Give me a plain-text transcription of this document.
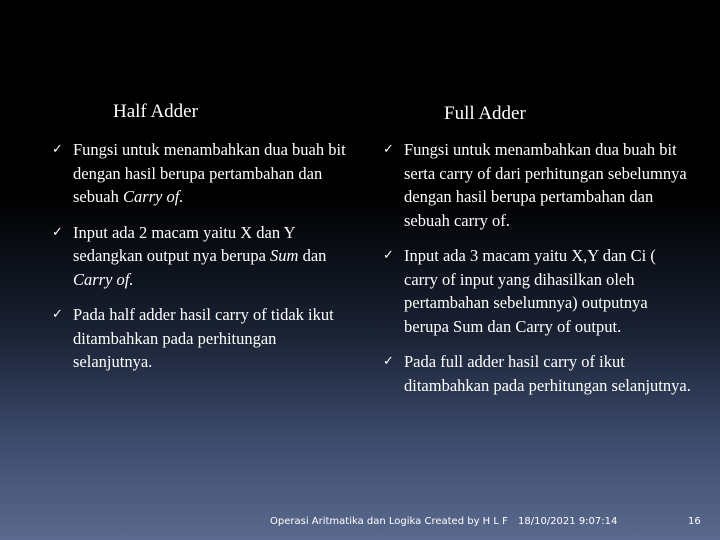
Half Adder	Full Adder
✓ Fungsi untuk menambahkan dua buah bit dengan hasil berupa pertambahan dan sebuah Carry of.
✓ Input ada 2 macam yaitu X dan Y sedangkan output nya berupa Sum dan Carry of.
✓ Pada half adder hasil carry of tidak ikut ditambahkan pada perhitungan selanjutnya.
✓ Fungsi untuk menambahkan dua buah bit serta carry of dari perhitungan sebelumnya dengan hasil berupa pertambahan dan sebuah carry of.
✓ Input ada 3 macam yaitu X,Y dan Ci ( carry of input yang dihasilkan oleh pertambahan sebelumnya) outputnya berupa Sum dan Carry of output.
✓ Pada full adder hasil carry of ikut ditambahkan pada perhitungan selanjutnya.
Operasi Aritmatika dan Logika Created by H L F 18/10/2021 9:07:14	16
